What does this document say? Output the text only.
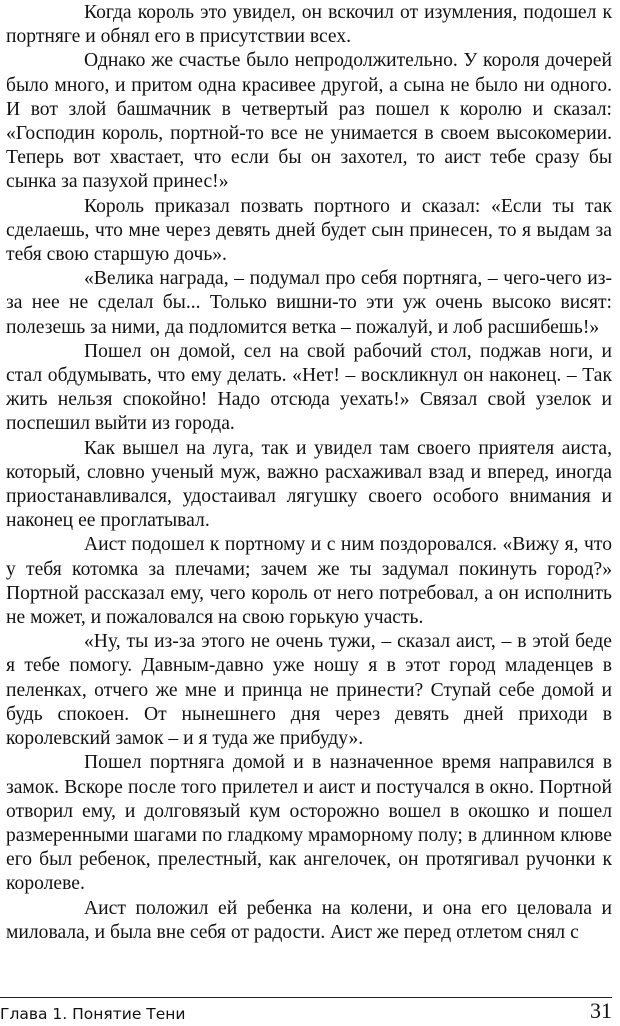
Когда король это увидел, он вскочил от изумления, подошел к портняге и обнял его в присутствии всех.

Однако же счастье было непродолжительно. У короля дочерей было много, и притом одна красивее другой, а сына не было ни одного. И вот злой башмачник в четвертый раз пошел к королю и сказал: «Господин король, портной-то все не унимается в своем высокомерии. Теперь вот хвастает, что если бы он захотел, то аист тебе сразу бы сынка за пазухой принес!»

Король приказал позвать портного и сказал: «Если ты так сделаешь, что мне через девять дней будет сын принесен, то я выдам за тебя свою старшую дочь».

«Велика награда, – подумал про себя портняга, – чего-чего из-за нее не сделал бы... Только вишни-то эти уж очень высоко висят: полезешь за ними, да подломится ветка – пожалуй, и лоб расшибешь!»

Пошел он домой, сел на свой рабочий стол, поджав ноги, и стал обдумывать, что ему делать. «Нет! – воскликнул он наконец. – Так жить нельзя спокойно! Надо отсюда уехать!» Связал свой узелок и поспешил выйти из города.

Как вышел на луга, так и увидел там своего приятеля аиста, который, словно ученый муж, важно расхаживал взад и вперед, иногда приостанавливался, удостаивал лягушку своего особого внимания и наконец ее проглатывал.

Аист подошел к портному и с ним поздоровался. «Вижу я, что у тебя котомка за плечами; зачем же ты задумал покинуть город?» Портной рассказал ему, чего король от него потребовал, а он исполнить не может, и пожаловался на свою горькую участь.

«Ну, ты из-за этого не очень тужи, – сказал аист, – в этой беде я тебе помогу. Давным-давно уже ношу я в этот город младенцев в пеленках, отчего же мне и принца не принести? Ступай себе домой и будь спокоен. От нынешнего дня через девять дней приходи в королевский замок – и я туда же прибуду».

Пошел портняга домой и в назначенное время направился в замок. Вскоре после того прилетел и аист и постучался в окно. Портной отворил ему, и долговязый кум осторожно вошел в окошко и пошел размеренными шагами по гладкому мраморному полу; в длинном клюве его был ребенок, прелестный, как ангелочек, он протягивал ручонки к королеве.

Аист положил ей ребенка на колени, и она его целовала и миловала, и была вне себя от радости. Аист же перед отлетом снял с

Глава 1. Понятие Тени	31
